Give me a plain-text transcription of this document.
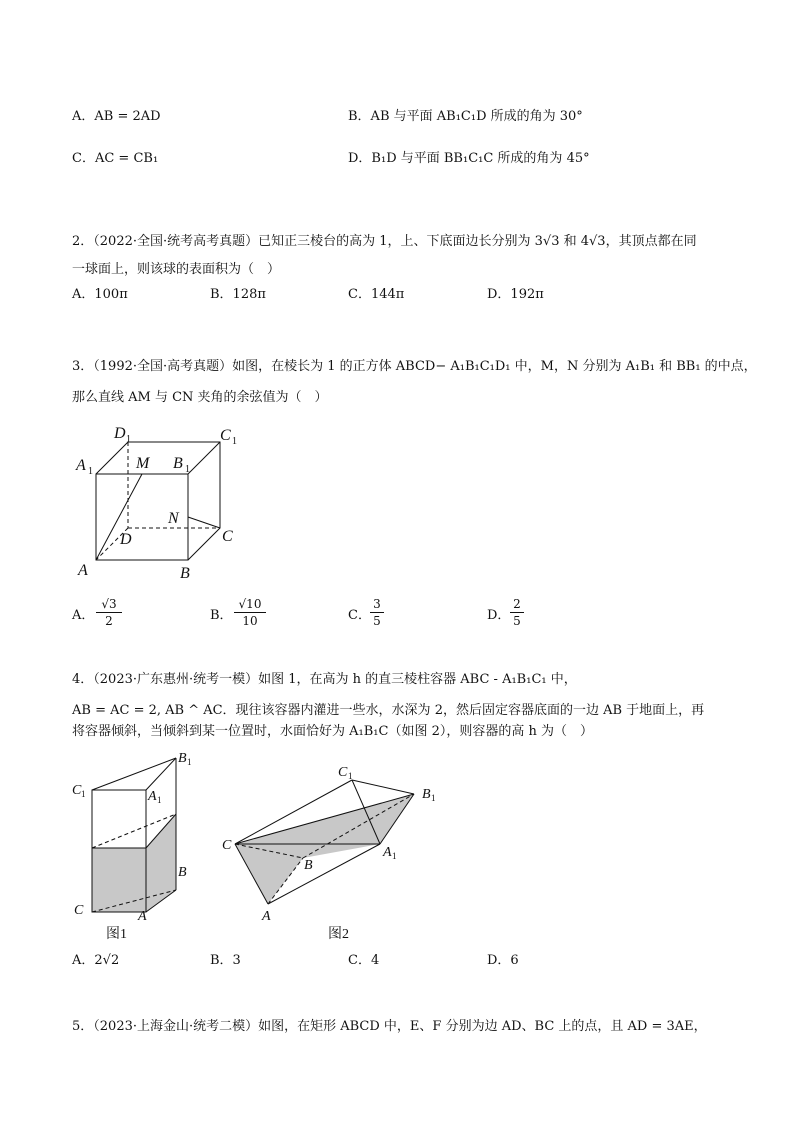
A．AB = 2AD	B．AB 与平面 AB₁C₁D 所成的角为 30°
C．AC = CB₁	D．B₁D 与平面 BB₁C₁C 所成的角为 45°
2．（2022·全国·统考高考真题）已知正三棱台的高为 1，上、下底面边长分别为 3√3 和 4√3，其顶点都在同
一球面上，则该球的表面积为（　）
A．100π	B．128π	C．144π	D．192π
3．（1992·全国·高考真题）如图，在棱长为 1 的正方体 ABCD− A₁B₁C₁D₁ 中，M，N 分别为 A₁B₁ 和 BB₁ 的中点，
那么直线 AM 与 CN 夹角的余弦值为（　）
D 1	C 1
A 1	M B 1
N
D	C
A	B
A．
√3
2	B．
√10
10	C．
3
5	D．
2
5
4．（2023·广东惠州·统考一模）如图 1，在高为 h 的直三棱柱容器 ABC - A₁B₁C₁ 中，
AB = AC = 2, AB ^ AC．现往该容器内灌进一些水，水深为 2，然后固定容器底面的一边 AB 于地面上，再
将容器倾斜，当倾斜到某一位置时，水面恰好为 A₁B₁C（如图 2），则容器的高 h 为（　）
B 1
C 1	A 1
B
C	A
图1
C 1
B 1
C
B
A 1
A
图2
A．2√2	B．3	C．4	D．6
5．（2023·上海金山·统考二模）如图，在矩形 ABCD 中，E、F 分别为边 AD、BC 上的点，且 AD = 3AE，
